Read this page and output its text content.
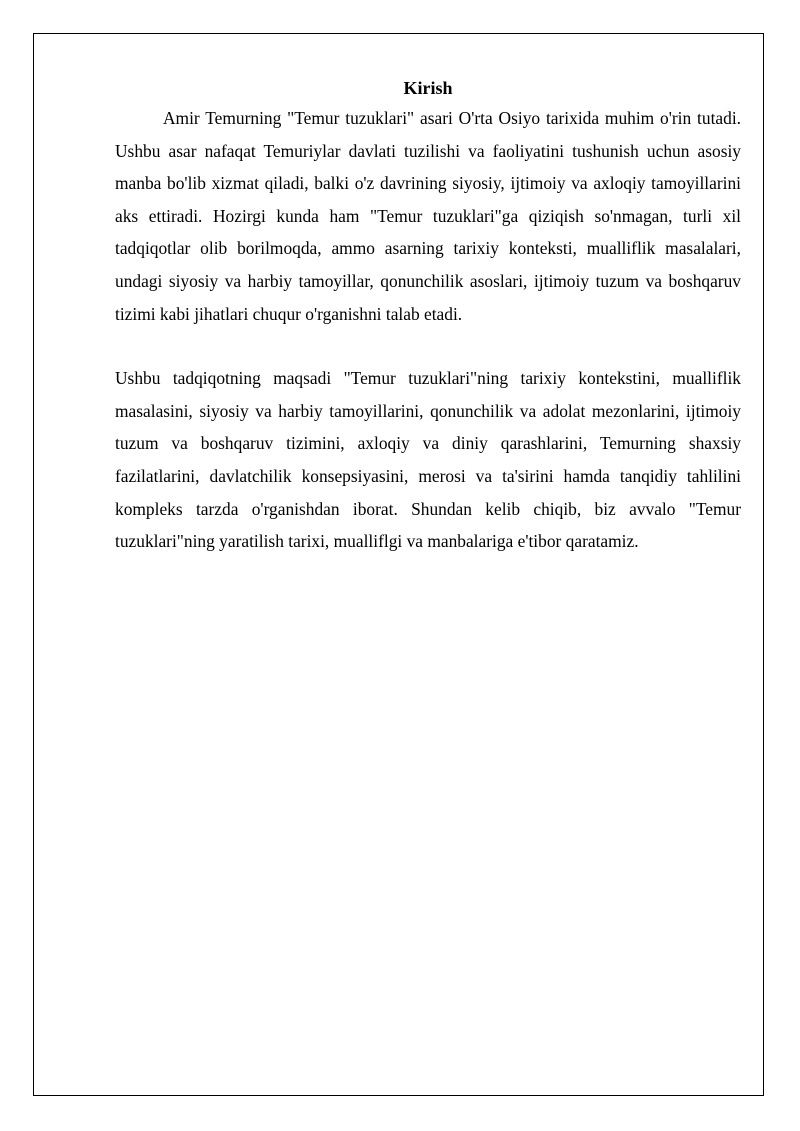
Kirish

Amir Temurning "Temur tuzuklari" asari O'rta Osiyo tarixida muhim o'rin tutadi. Ushbu asar nafaqat Temuriylar davlati tuzilishi va faoliyatini tushunish uchun asosiy manba bo'lib xizmat qiladi, balki o'z davrining siyosiy, ijtimoiy va axloqiy tamoyillarini aks ettiradi. Hozirgi kunda ham "Temur tuzuklari"ga qiziqish so'nmagan, turli xil tadqiqotlar olib borilmoqda, ammo asarning tarixiy konteksti, mualliflik masalalari, undagi siyosiy va harbiy tamoyillar, qonunchilik asoslari, ijtimoiy tuzum va boshqaruv tizimi kabi jihatlari chuqur o'rganishni talab etadi.

Ushbu tadqiqotning maqsadi "Temur tuzuklari"ning tarixiy kontekstini, mualliflik masalasini, siyosiy va harbiy tamoyillarini, qonunchilik va adolat mezonlarini, ijtimoiy tuzum va boshqaruv tizimini, axloqiy va diniy qarashlarini, Temurning shaxsiy fazilatlarini, davlatchilik konsepsiyasini, merosi va ta'sirini hamda tanqidiy tahlilini kompleks tarzda o'rganishdan iborat. Shundan kelib chiqib, biz avvalo "Temur tuzuklari"ning yaratilish tarixi, mualliflgi va manbalariga e'tibor qaratamiz.
